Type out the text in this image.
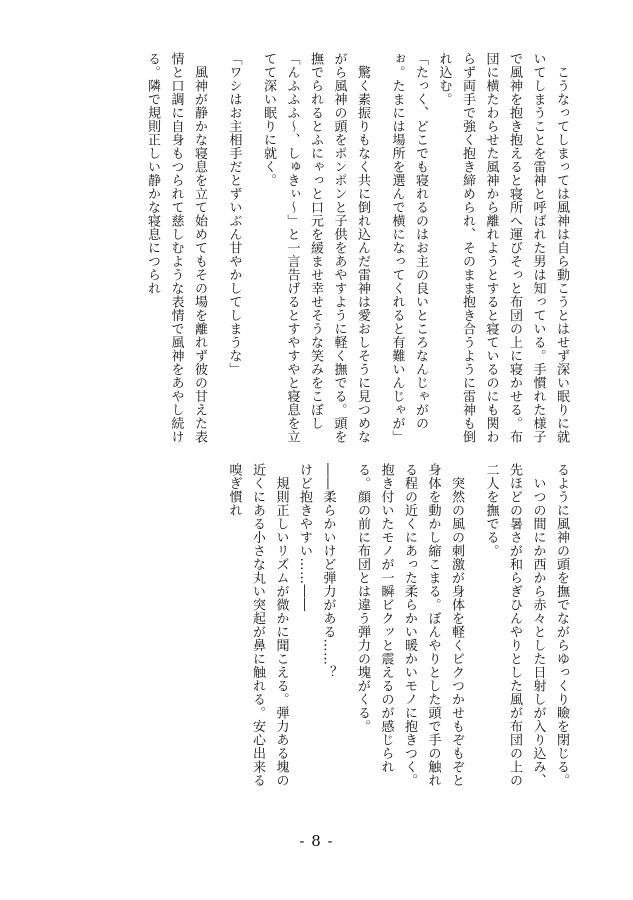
　こうなってしまっては風神は自ら動こうとはせず深い眠りに就いてしまうことを雷神と呼ばれた男は知っている。手慣れた様子で風神を抱き抱えると寝所へ運びそっと布団の上に寝かせる。布団に横たわらせた風神から離れようとすると寝ているのにも関わらず両手で強く抱き締められ、そのまま抱き合うように雷神も倒れ込む。

「たっく、どこでも寝れるのはお主の良いところなんじゃがのぉ。たまには場所を選んで横になってくれると有難いんじゃが」

　驚く素振りもなく共に倒れ込んだ雷神は愛おしそうに見つめながら風神の頭をポンポンと子供をあやすように軽く撫でる。頭を撫でられるとふにゃっと口元を緩ませ幸せそうな笑みをこぼし「んふふふ〜、しゅきぃ〜」と一言告げるとすやすやと寝息を立てて深い眠りに就く。

「ワシはお主相手だとずいぶん甘やかしてしまうな」

　風神が静かな寝息を立て始めてもその場を離れず彼の甘えた表情と口調に自身もつられて慈しむような表情で風神をあやし続ける。隣で規則正しい静かな寝息につられ

るように風神の頭を撫でながらゆっくり瞼を閉じる。

　いつの間にか西から赤々とした日射しが入り込み、先ほどの暑さが和らぎひんやりとした風が布団の上の二人を撫でる。

　突然の風の刺激が身体を軽くピクつかせもぞもぞと身体を動かし縮こまる。ぼんやりとした頭で手の触れる程の近くにあった柔らかい暖かいモノに抱きつく。抱き付いたモノが一瞬ビクッと震えるのが感じられる。顔の前に布団とは違う弾力の塊がくる。

――柔らかいけど弾力がある……？

けど抱きやすい……――

　規則正しいリズムが微かに聞こえる。弾力ある塊の近くにある小さな丸い突起が鼻に触れる。安心出来る嗅ぎ慣れ

- 8 -
